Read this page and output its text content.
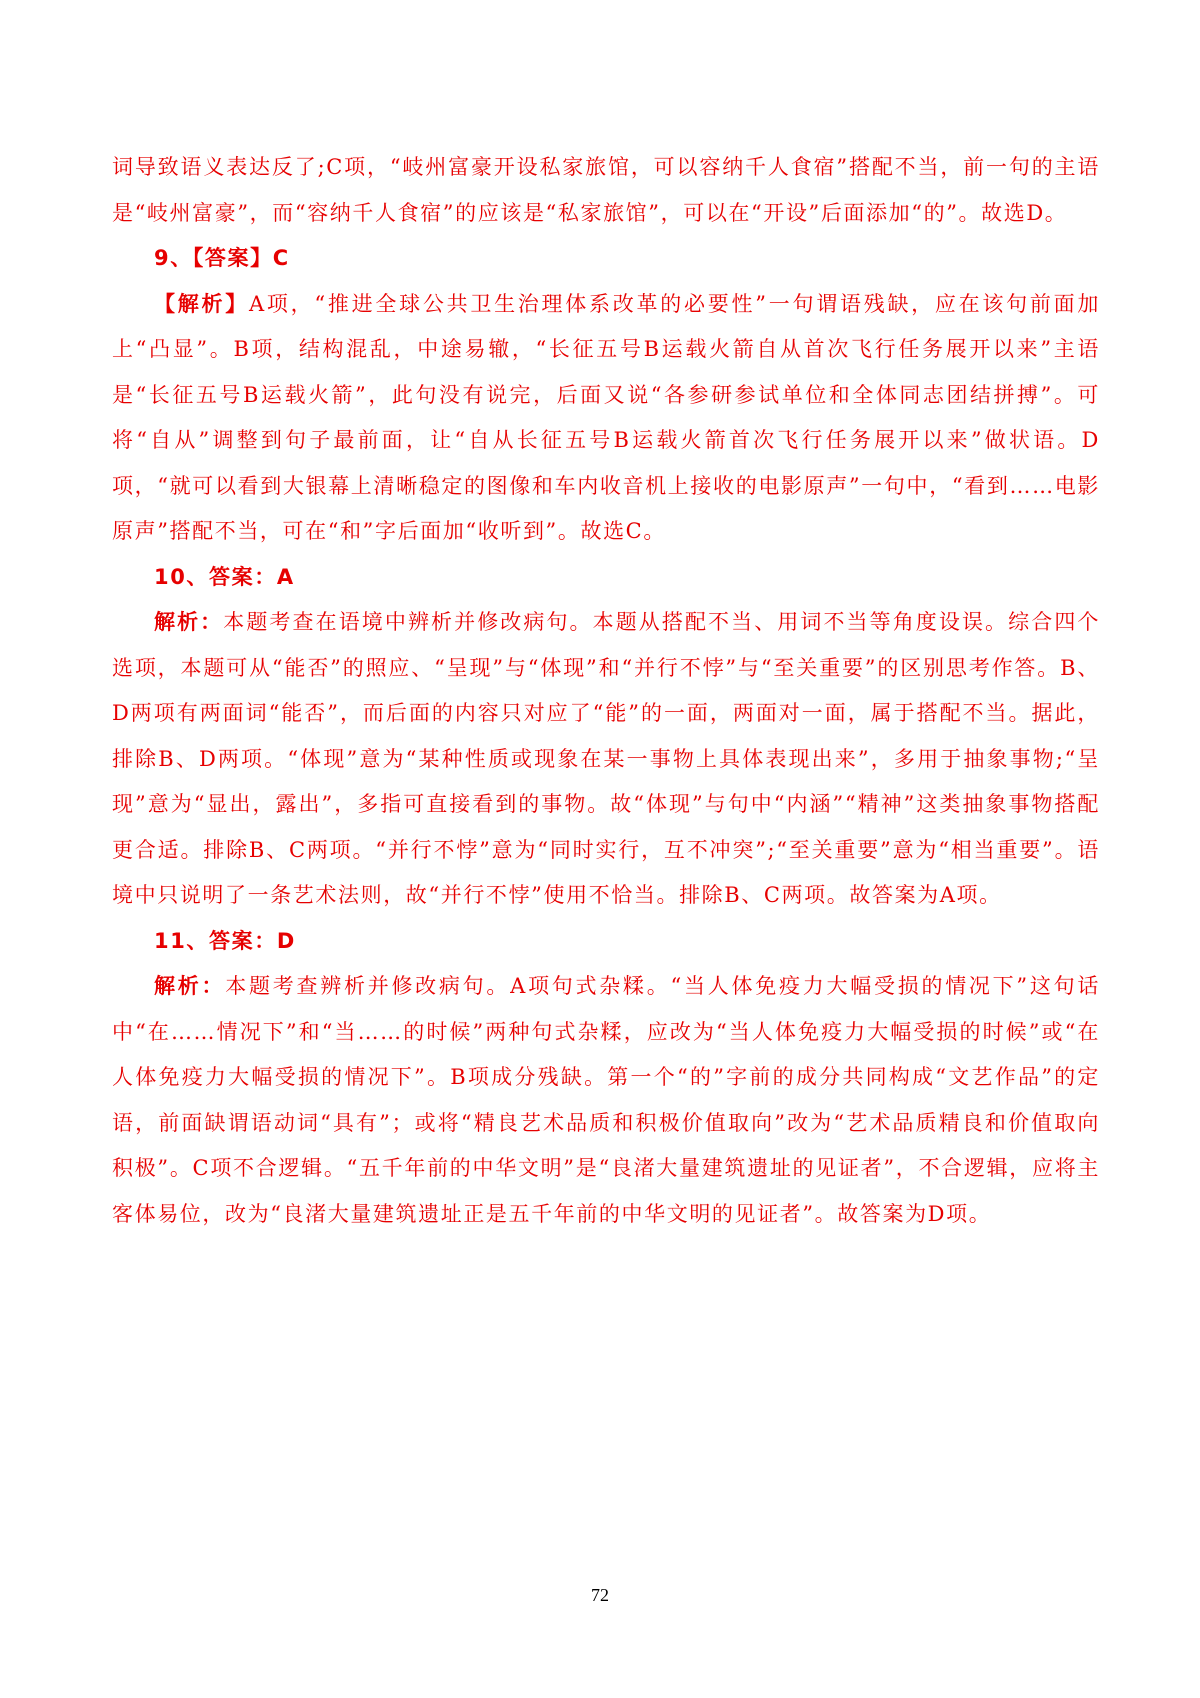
词导致语义表达反了;C项，“岐州富豪开设私家旅馆，可以容纳千人食宿”搭配不当，前一句的主语是“岐州富豪”，而“容纳千人食宿”的应该是“私家旅馆”，可以在“开设”后面添加“的”。故选D。

9、【答案】C

【解析】A项，“推进全球公共卫生治理体系改革的必要性”一句谓语残缺，应在该句前面加上“凸显”。B项，结构混乱，中途易辙，“长征五号B运载火箭自从首次飞行任务展开以来”主语是“长征五号B运载火箭”，此句没有说完，后面又说“各参研参试单位和全体同志团结拼搏”。可将“自从”调整到句子最前面，让“自从长征五号B运载火箭首次飞行任务展开以来”做状语。D项，“就可以看到大银幕上清晰稳定的图像和车内收音机上接收的电影原声”一句中，“看到……电影原声”搭配不当，可在“和”字后面加“收听到”。故选C。

10、答案：A

解析：本题考查在语境中辨析并修改病句。本题从搭配不当、用词不当等角度设误。综合四个选项，本题可从“能否”的照应、“呈现”与“体现”和“并行不悖”与“至关重要”的区别思考作答。B、D两项有两面词“能否”，而后面的内容只对应了“能”的一面，两面对一面，属于搭配不当。据此，排除B、D两项。“体现”意为“某种性质或现象在某一事物上具体表现出来”，多用于抽象事物;“呈现”意为“显出，露出”，多指可直接看到的事物。故“体现”与句中“内涵”“精神”这类抽象事物搭配更合适。排除B、C两项。“并行不悖”意为“同时实行，互不冲突”;“至关重要”意为“相当重要”。语境中只说明了一条艺术法则，故“并行不悖”使用不恰当。排除B、C两项。故答案为A项。

11、答案：D

解析：本题考查辨析并修改病句。A项句式杂糅。“当人体免疫力大幅受损的情况下”这句话中“在……情况下”和“当……的时候”两种句式杂糅，应改为“当人体免疫力大幅受损的时候”或“在人体免疫力大幅受损的情况下”。B项成分残缺。第一个“的”字前的成分共同构成“文艺作品”的定语，前面缺谓语动词“具有”；或将“精良艺术品质和积极价值取向”改为“艺术品质精良和价值取向积极”。C项不合逻辑。“五千年前的中华文明”是“良渚大量建筑遗址的见证者”，不合逻辑，应将主客体易位，改为“良渚大量建筑遗址正是五千年前的中华文明的见证者”。故答案为D项。

72
